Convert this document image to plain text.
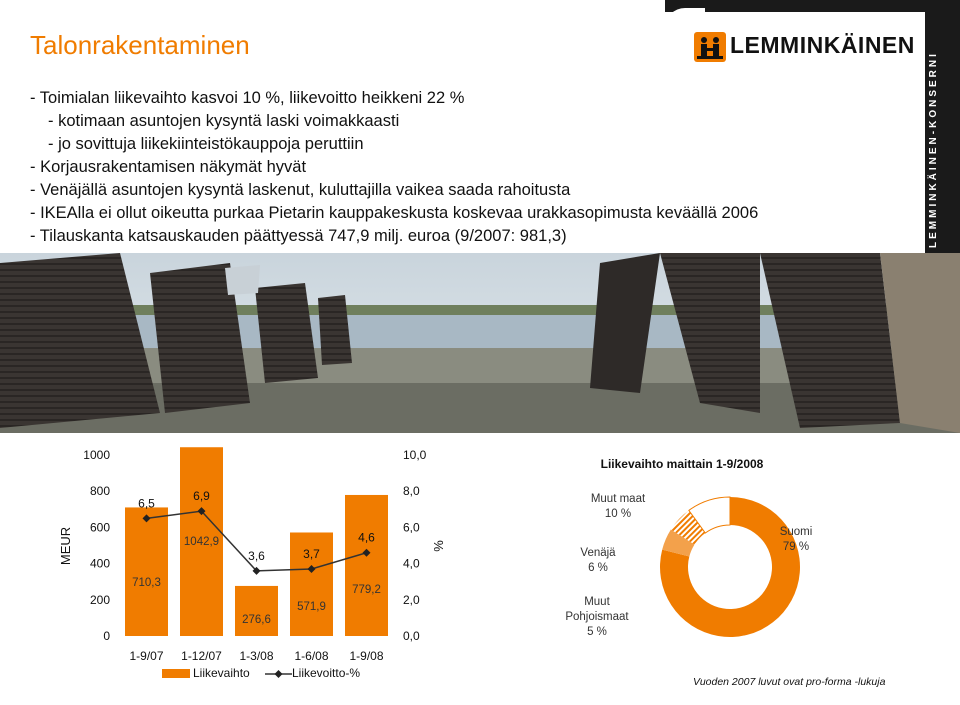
Talonrakentaminen	LEMMINKÄINEN
LEMMINKÄINEN-KONSERNI
- Toimialan liikevaihto kasvoi 10 %, liikevoitto heikkeni 22 %
- kotimaan asuntojen kysyntä laski voimakkaasti
- jo sovittuja liikekiinteistökauppoja peruttiin
- Korjausrakentamisen näkymät hyvät
- Venäjällä asuntojen kysyntä laskenut, kuluttajilla vaikea saada rahoitusta
- IKEAlla ei ollut oikeutta purkaa Pietarin kauppakeskusta koskevaa urakkasopimusta keväällä 2006
- Tilauskanta katsauskauden päättyessä 747,9 milj. euroa (9/2007: 981,3)
0
200
400
600
800
1000
0,0
2,0
4,0
6,0
8,0
10,0
MEUR	%
710,3
1-9/07
1042,9
1-12/07
276,6
1-3/08
571,9
1-6/08
779,2
1-9/08
6,5
6,9
3,6	3,7
4,6
Liikevaihto	Liikevoitto-%
Liikevaihto maittain 1-9/2008
Suomi
79 %
Muut
Pohjoismaat
5 %
Venäjä
6 %
Muut maat
10 %
Vuoden 2007 luvut ovat pro-forma -lukuja
